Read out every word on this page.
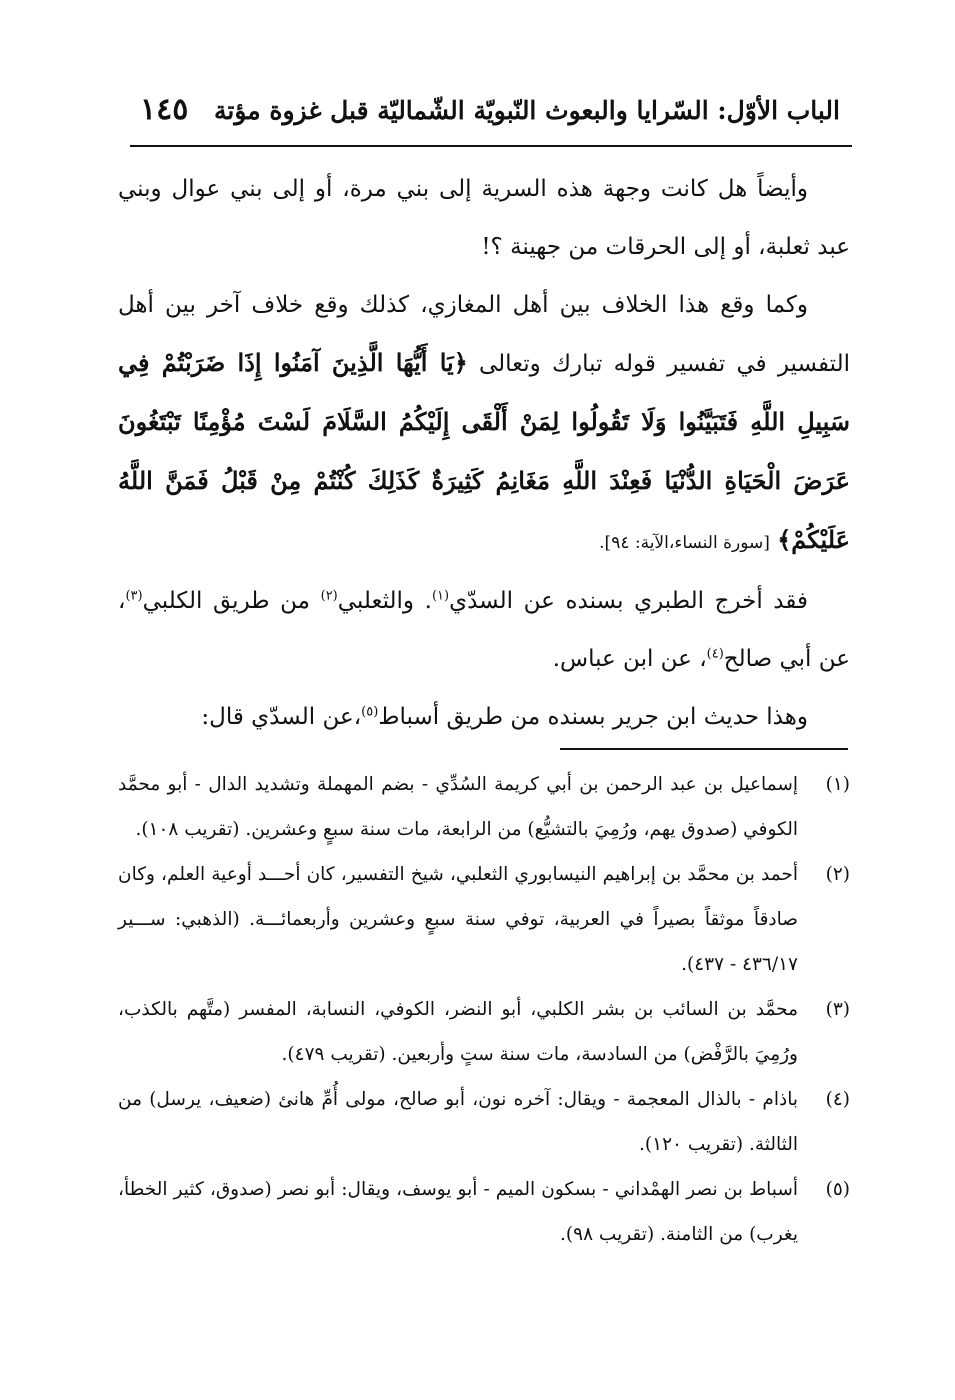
١٤٥ الباب الأوّل: السّرايا والبعوث النّبويّة الشّماليّة قبل غزوة مؤتة

وأيضاً هل كانت وجهة هذه السرية إلى بني مرة، أو إلى بني عوال وبني عبد ثعلبة، أو إلى الحرقات من جهينة ؟!

وكما وقع هذا الخلاف بين أهل المغازي، كذلك وقع خلاف آخر بين أهل التفسير في تفسير قوله تبارك وتعالى ﴿يَا أَيُّهَا الَّذِينَ آمَنُوا إِذَا ضَرَبْتُمْ فِي سَبِيلِ اللَّهِ فَتَبَيَّنُوا وَلَا تَقُولُوا لِمَنْ أَلْقَى إِلَيْكُمُ السَّلَامَ لَسْتَ مُؤْمِنًا تَبْتَغُونَ عَرَضَ الْحَيَاةِ الدُّنْيَا فَعِنْدَ اللَّهِ مَغَانِمُ كَثِيرَةٌ كَذَلِكَ كُنْتُمْ مِنْ قَبْلُ فَمَنَّ اللَّهُ عَلَيْكُمْ﴾ [سورة النساء،الآية: ٩٤].

فقد أخرج الطبري بسنده عن السدّي$^{(١)}$. والثعلبي$^{(٢)}$ من طريق الكلبي$^{(٣)}$، عن أبي صالح$^{(٤)}$، عن ابن عباس.

وهذا حديث ابن جرير بسنده من طريق أسباط$^{(٥)}$،عن السدّي قال:

(١)
إسماعيل بن عبد الرحمن بن أبي كريمة السُدِّي - بضم المهملة وتشديد الدال - أبو محمَّد الكوفي (صدوق يهم، ورُمِيَ بالتشيُّع) من الرابعة، مات سنة سبعٍ وعشرين. (تقريب ١٠٨).
(٢)
أحمد بن محمَّد بن إبراهيم النيسابوري الثعلبي، شيخ التفسير، كان أحـــد أوعية العلم، وكان صادقاً موثقاً بصيراً في العربية، توفي سنة سبعٍ وعشرين وأربعمائـــة. (الذهبي: ســـير ٤٣٦/١٧ - ٤٣٧).
(٣)
محمَّد بن السائب بن بشر الكلبي، أبو النضر، الكوفي، النسابة، المفسر (متَّهم بالكذب، ورُمِيَ بالرَّفْض) من السادسة، مات سنة ستٍ وأربعين. (تقريب ٤٧٩).
(٤)
باذام - بالذال المعجمة - ويقال: آخره نون، أبو صالح، مولى أُمِّ هانئ (ضعيف، يرسل) من الثالثة. (تقريب ١٢٠).
(٥)
أسباط بن نصر الهمْداني - بسكون الميم - أبو يوسف، ويقال: أبو نصر (صدوق، كثير الخطأ، يغرب) من الثامنة. (تقريب ٩٨).
